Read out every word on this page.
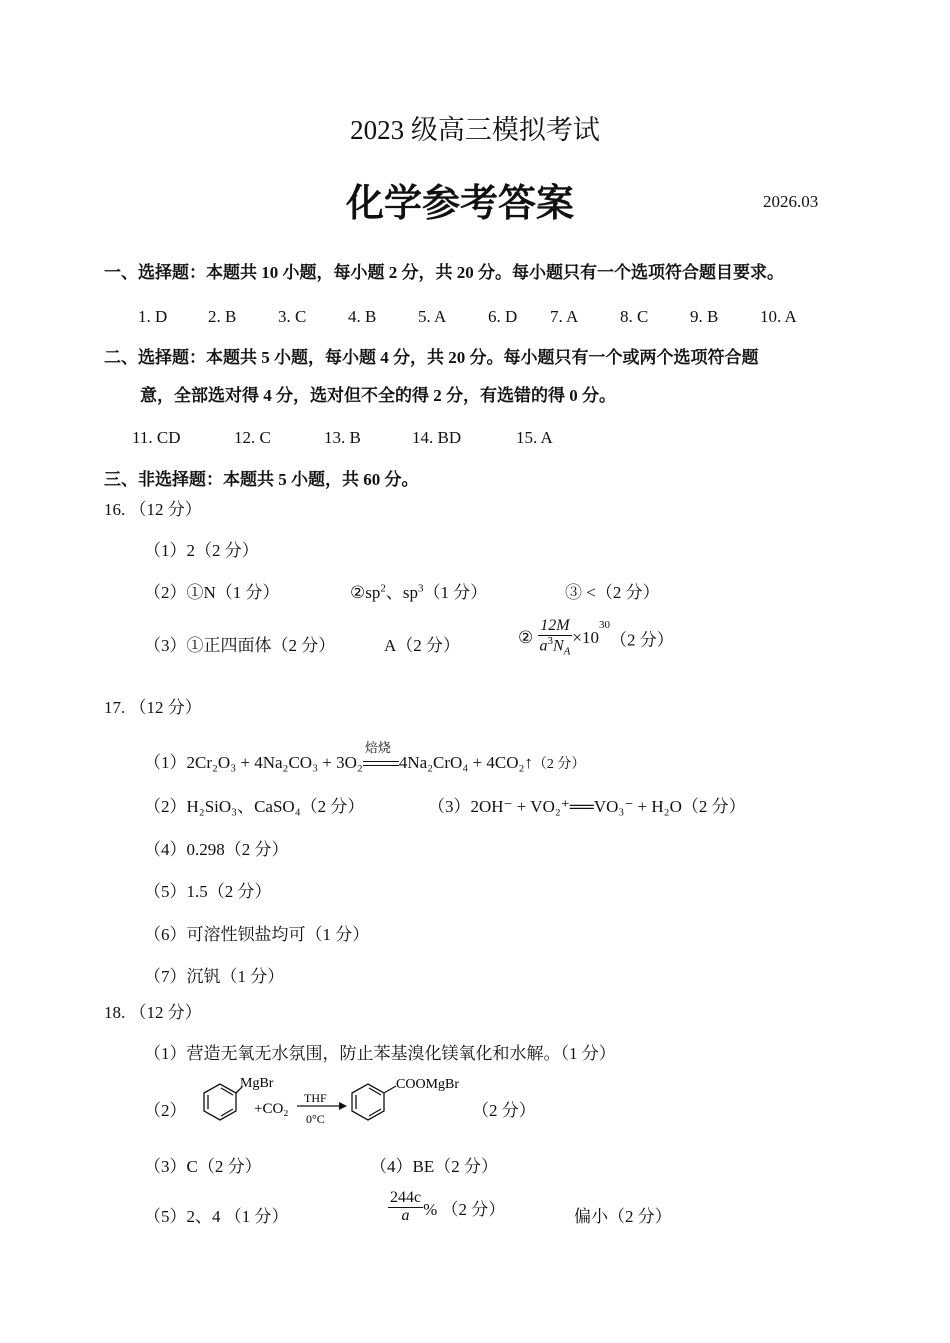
2023 级高三模拟考试
化学参考答案	2026.03
一、选择题：本题共 10 小题，每小题 2 分，共 20 分。每小题只有一个选项符合题目要求。
1. D 2. B 3. C 4. B 5. A 6. D 7. A 8. C 9. B 10. A
二、选择题：本题共 5 小题，每小题 4 分，共 20 分。每小题只有一个或两个选项符合题
意，全部选对得 4 分，选对但不全的得 2 分，有选错的得 0 分。
11. CD	12. C	13. B	14. BD	15. A
三、非选择题：本题共 5 小题，共 60 分。
16. （12 分）
（1）2（2 分）
（2）①N（1 分）	$②sp^2$、$sp^3(1$ 分）	③ <（2 分）
（3）①正四面体（2 分）	A（2 分）	② $\frac{12M}{a^3N_A} \times 10^{30}(2$ 分）
17. （12 分）
（1）2Cr₂O₃ + 4Na₂CO₃ + 3O₂
焙烧
4Na₂CrO₄ + 4CO₂↑（2 分）
（2）H₂SiO₃、CaSO₄（2 分）	（3）2OH⁻ + VO₂⁺══VO₃⁻ + H₂O（2 分）
（4）0.298（2 分）
（5）1.5（2 分）
（6）可溶性钡盐均可（1 分）
（7）沉钒（1 分）
18. （12 分）
（1）营造无氧无水氛围，防止苯基溴化镁氧化和水解。（1 分）
（2）
MgBr
+CO₂
THF
0°C
COOMgBr
（2 分）
（3）C（2 分）	（4）BE（2 分）
（5）2、4 （1 分）	$\frac{244c}{a}$ % （2 分）	偏小（2 分）
